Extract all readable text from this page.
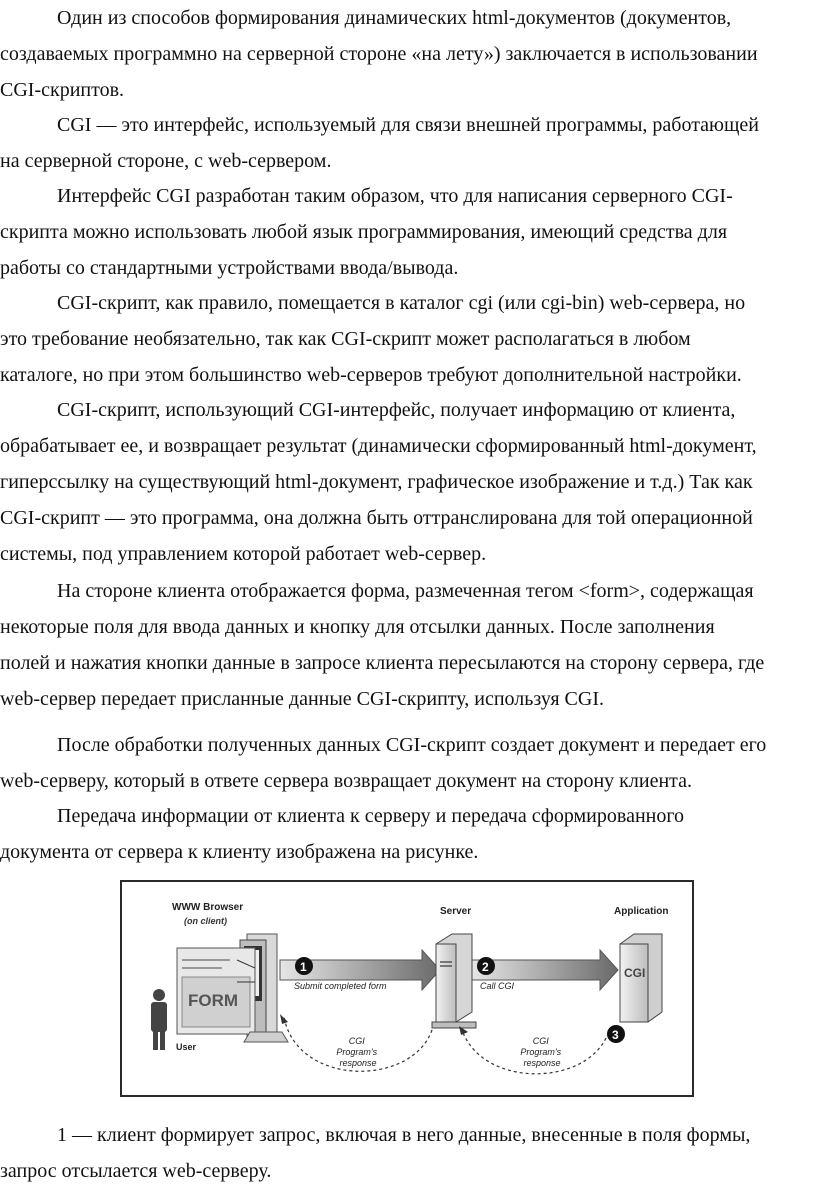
Один из способов формирования динамических html-документов (документов,
создаваемых программно на серверной стороне «на лету») заключается в использовании
CGI-скриптов.

CGI — это интерфейс, используемый для связи внешней программы, работающей
на серверной стороне, с web-сервером.

Интерфейс CGI разработан таким образом, что для написания серверного CGI-
скрипта можно использовать любой язык программирования, имеющий средства для
работы со стандартными устройствами ввода/вывода.

CGI-скрипт, как правило, помещается в каталог cgi (или cgi-bin) web-сервера, но
это требование необязательно, так как CGI-скрипт может располагаться в любом
каталоге, но при этом большинство web-серверов требуют дополнительной настройки.

CGI-скрипт, использующий CGI-интерфейс, получает информацию от клиента,
обрабатывает ее, и возвращает результат (динамически сформированный html-документ,
гиперссылку на существующий html-документ, графическое изображение и т.д.) Так как
CGI-скрипт — это программа, она должна быть оттранслирована для той операционной
системы, под управлением которой работает web-сервер.

На стороне клиента отображается форма, размеченная тегом <form>, содержащая
некоторые поля для ввода данных и кнопку для отсылки данных. После заполнения
полей и нажатия кнопки данные в запросе клиента пересылаются на сторону сервера, где
web-сервер передает присланные данные CGI-скрипту, используя CGI.

После обработки полученных данных CGI-скрипт создает документ и передает его
web-серверу, который в ответе сервера возвращает документ на сторону клиента.

Передача информации от клиента к серверу и передача сформированного
документа от сервера к клиенту изображена на рисунке.

WWW Browser
(on client)
Server	Application
FORM
User
CGI
1
Submit completed form
2
Call CGI
3
CGI Program's response
CGI Program's response

1 — клиент формирует запрос, включая в него данные, внесенные в поля формы,
запрос отсылается web-серверу.
